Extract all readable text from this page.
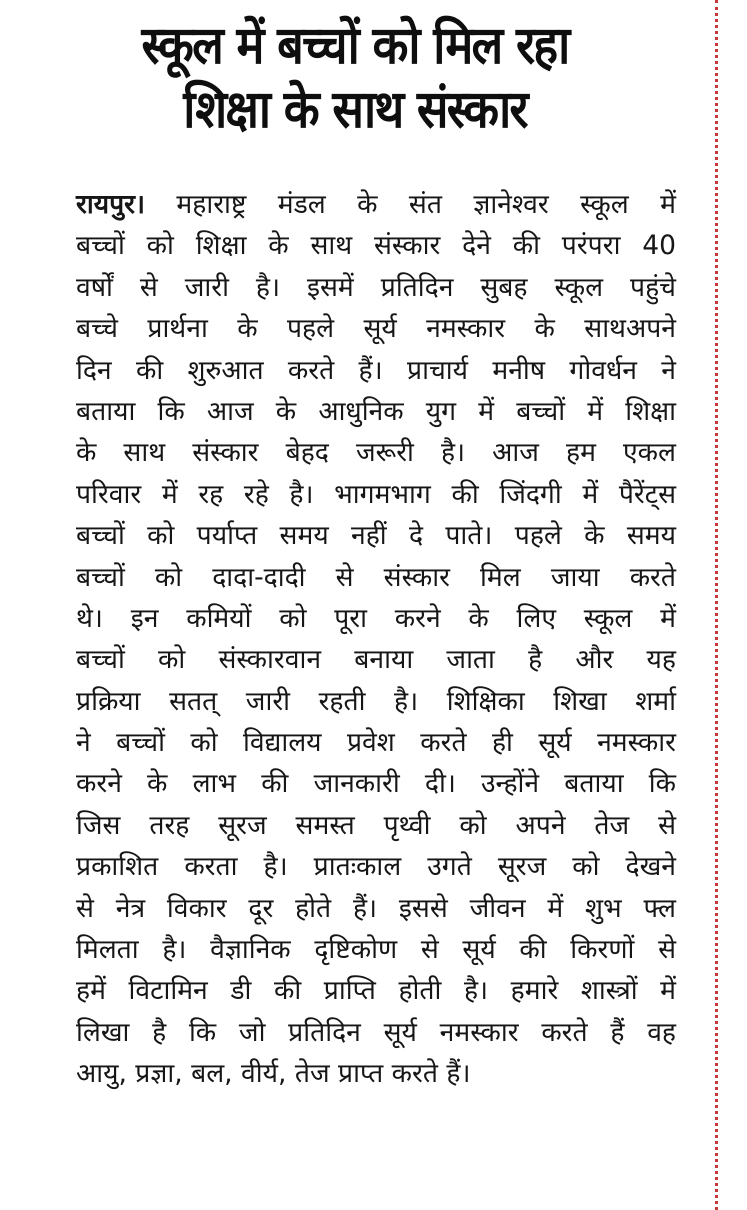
स्कूल में बच्चों को मिल रहा
शिक्षा के साथ संस्कार
रायपुर। महाराष्ट्र मंडल के संत ज्ञानेश्वर स्कूल में
बच्चों को शिक्षा के साथ संस्कार देने की परंपरा 40
वर्षों से जारी है। इसमें प्रतिदिन सुबह स्कूल पहुंचे
बच्चे प्रार्थना के पहले सूर्य नमस्कार के साथअपने
दिन की शुरुआत करते हैं। प्राचार्य मनीष गोवर्धन ने
बताया कि आज के आधुनिक युग में बच्चों में शिक्षा
के साथ संस्कार बेहद जरूरी है। आज हम एकल
परिवार में रह रहे है। भागमभाग की जिंदगी में पैरेंट्स
बच्चों को पर्याप्त समय नहीं दे पाते। पहले के समय
बच्चों को दादा-दादी से संस्कार मिल जाया करते
थे। इन कमियों को पूरा करने के लिए स्कूल में
बच्चों को संस्कारवान बनाया जाता है और यह
प्रक्रिया सतत् जारी रहती है। शिक्षिका शिखा शर्मा
ने बच्चों को विद्यालय प्रवेश करते ही सूर्य नमस्कार
करने के लाभ की जानकारी दी। उन्होंने बताया कि
जिस तरह सूरज समस्त पृथ्वी को अपने तेज से
प्रकाशित करता है। प्रातःकाल उगते सूरज को देखने
से नेत्र विकार दूर होते हैं। इससे जीवन में शुभ फ्ल
मिलता है। वैज्ञानिक दृष्टिकोण से सूर्य की किरणों से
हमें विटामिन डी की प्राप्ति होती है। हमारे शास्त्रों में
लिखा है कि जो प्रतिदिन सूर्य नमस्कार करते हैं वह
आयु, प्रज्ञा, बल, वीर्य, तेज प्राप्त करते हैं।
